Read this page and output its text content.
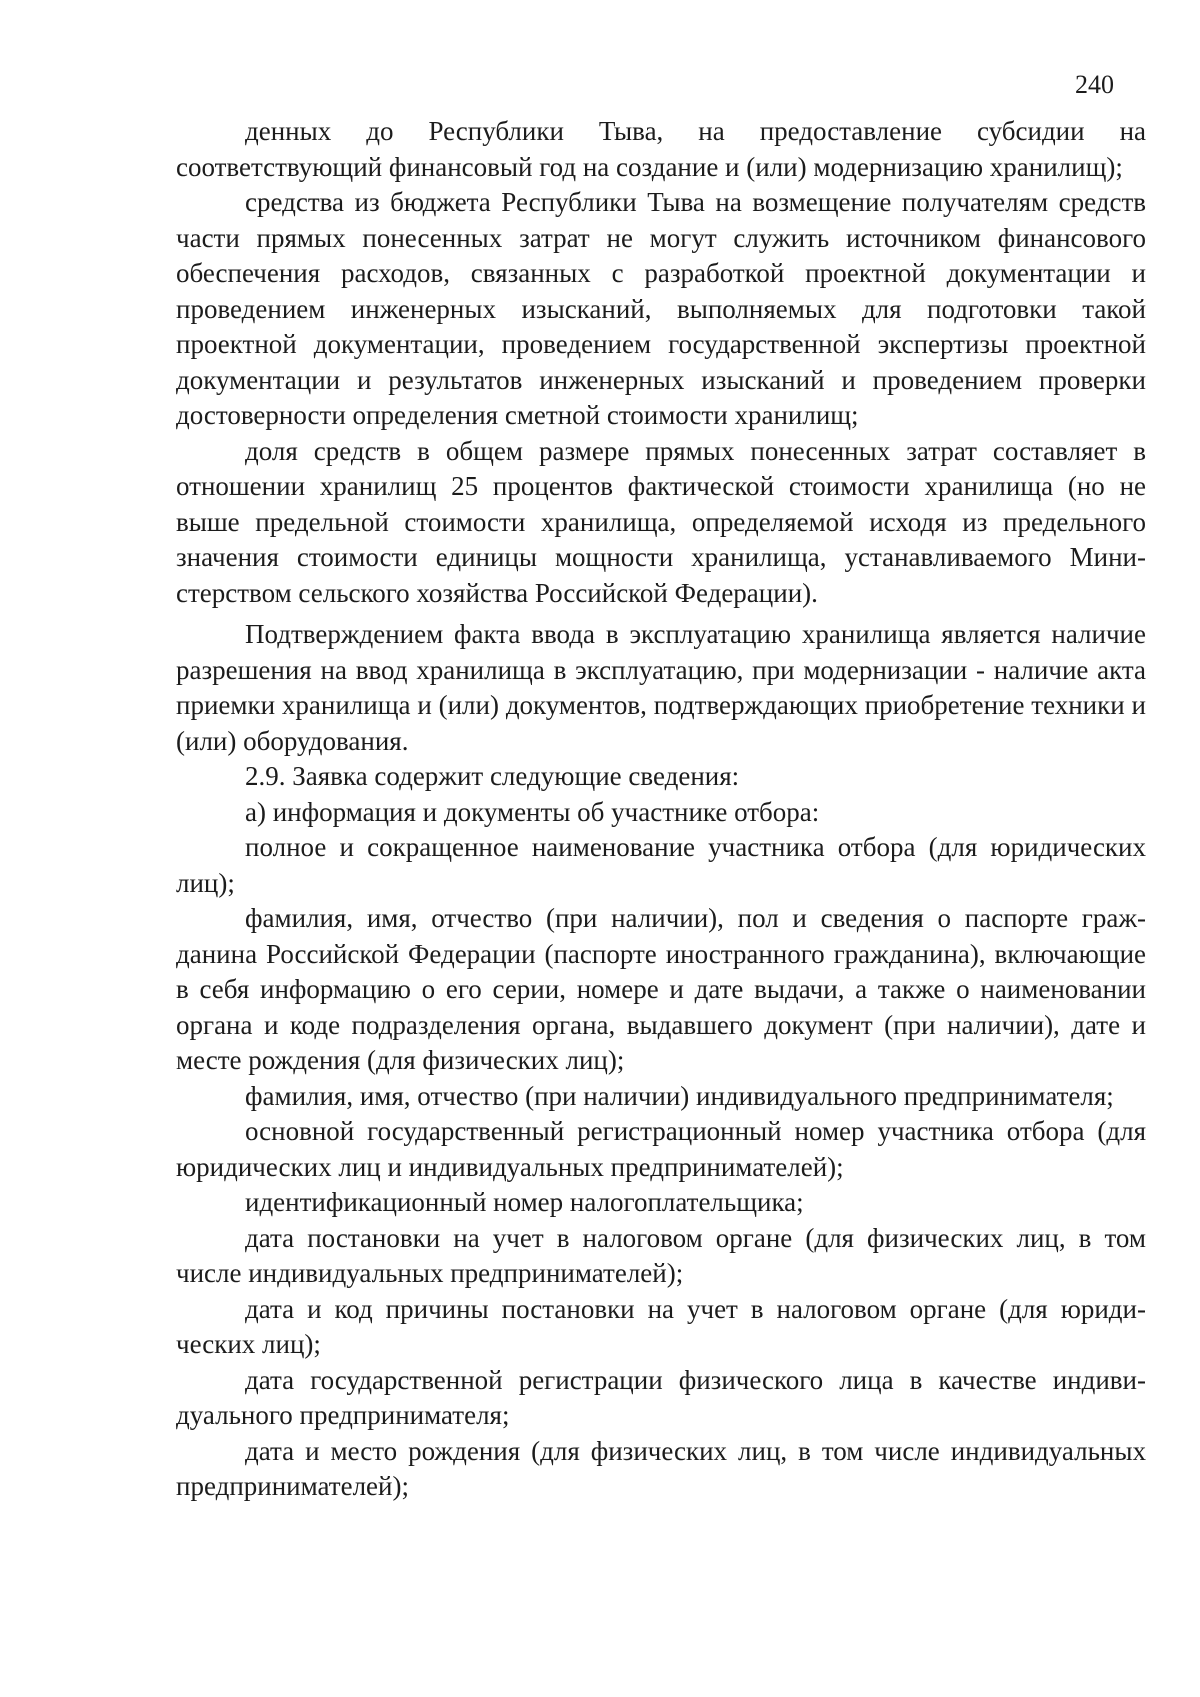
240

денных до Республики Тыва, на предоставление субсидии на соответствующий финансовый год на создание и (или) модернизацию хранилищ);

средства из бюджета Республики Тыва на возмещение получателям средств части прямых понесенных затрат не могут служить источником финансового обеспечения расходов, связанных с разработкой проектной документации и проведением инженерных изысканий, выполняемых для подготовки такой проектной документации, проведением государственной экспертизы проектной документации и результатов инженерных изысканий и проведением проверки достоверности определения сметной стоимости хранилищ;

доля средств в общем размере прямых понесенных затрат составляет в отношении хранилищ 25 процентов фактической стоимости хранилища (но не выше предельной стоимости хранилища, определяемой исходя из предельного значения стоимости единицы мощности хранилища, устанавливаемого Министерством сельского хозяйства Российской Федерации).

Подтверждением факта ввода в эксплуатацию хранилища является наличие разрешения на ввод хранилища в эксплуатацию, при модернизации - наличие акта приемки хранилища и (или) документов, подтверждающих приобретение техники и (или) оборудования.

2.9. Заявка содержит следующие сведения:

а) информация и документы об участнике отбора:

полное и сокращенное наименование участника отбора (для юридических лиц);

фамилия, имя, отчество (при наличии), пол и сведения о паспорте гражданина Российской Федерации (паспорте иностранного гражданина), включающие в себя информацию о его серии, номере и дате выдачи, а также о наименовании органа и коде подразделения органа, выдавшего документ (при наличии), дате и месте рождения (для физических лиц);

фамилия, имя, отчество (при наличии) индивидуального предпринимателя;

основной государственный регистрационный номер участника отбора (для юридических лиц и индивидуальных предпринимателей);

идентификационный номер налогоплательщика;

дата постановки на учет в налоговом органе (для физических лиц, в том числе индивидуальных предпринимателей);

дата и код причины постановки на учет в налоговом органе (для юридических лиц);

дата государственной регистрации физического лица в качестве индивидуального предпринимателя;

дата и место рождения (для физических лиц, в том числе индивидуальных предпринимателей);
